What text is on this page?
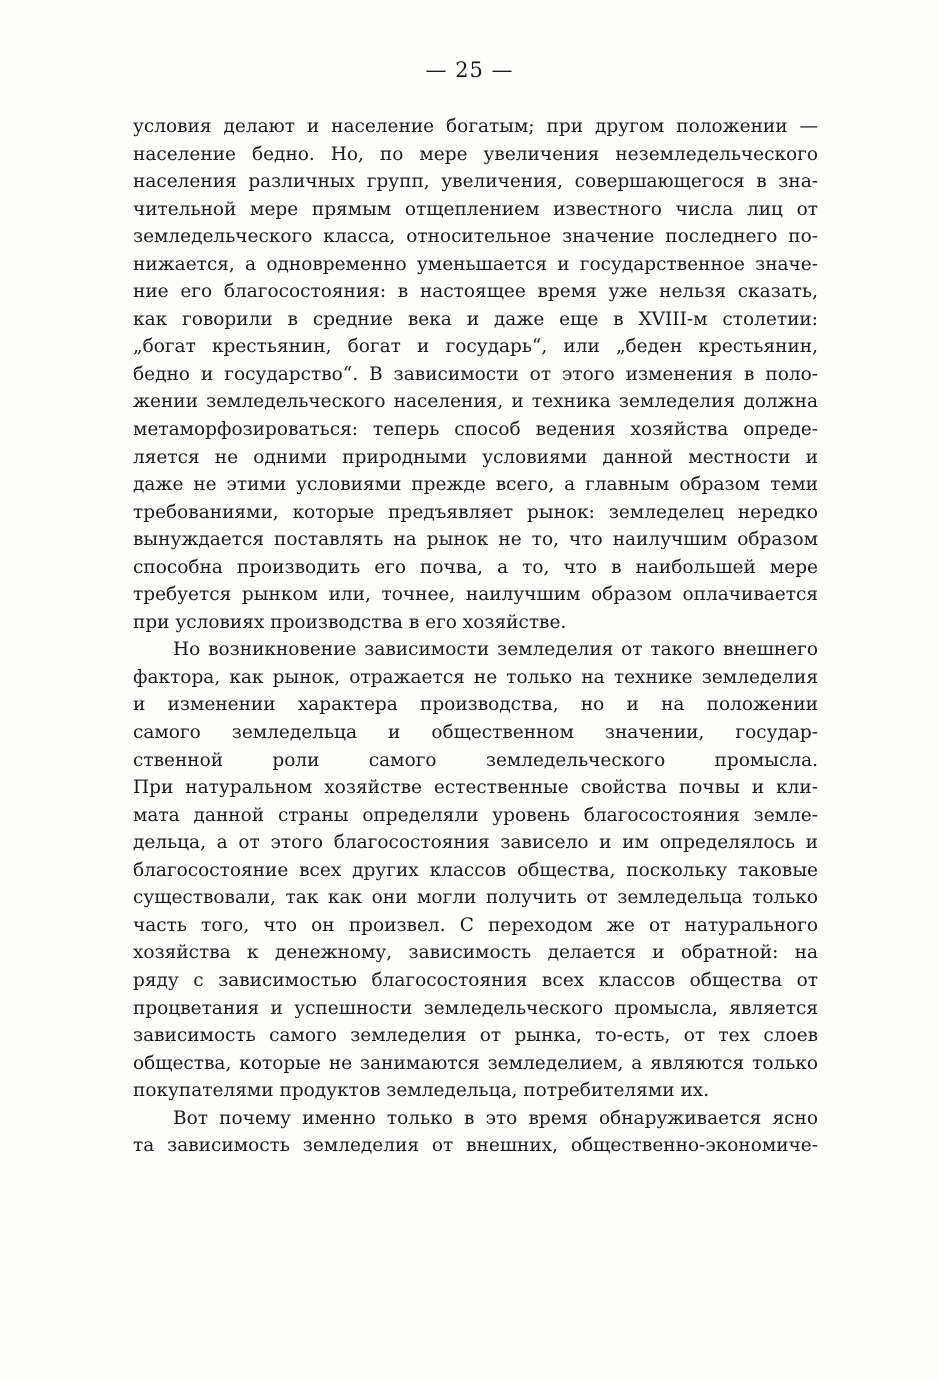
— 25 —
условия делают и население богатым; при другом положении —
население бедно. Но, по мере увеличения неземледельческого
населения различных групп, увеличения, совершающегося в зна-
чительной мере прямым отщеплением известного числа лиц от
земледельческого класса, относительное значение последнего по-
нижается, а одновременно уменьшается и государственное значе-
ние его благосостояния: в настоящее время уже нельзя сказать,
как говорили в средние века и даже еще в XVIII-м столетии:
„богат крестьянин, богат и государь“, или „беден крестьянин,
бедно и государство“. В зависимости от этого изменения в поло-
жении земледельческого населения, и техника земледелия должна
метаморфозироваться: теперь способ ведения хозяйства опреде-
ляется не одними природными условиями данной местности и
даже не этими условиями прежде всего, а главным образом теми
требованиями, которые предъявляет рынок: земледелец нередко
вынуждается поставлять на рынок не то, что наилучшим образом
способна производить его почва, а то, что в наибольшей мере
требуется рынком или, точнее, наилучшим образом оплачивается
при условиях производства в его хозяйстве.
Но возникновение зависимости земледелия от такого внешнего
фактора, как рынок, отражается не только на технике земледелия
и изменении характера производства, но и на положении
самого земледельца и общественном значении, государ-
ственной роли самого земледельческого промысла.
При натуральном хозяйстве естественные свойства почвы и кли-
мата данной страны определяли уровень благосостояния земле-
дельца, а от этого благосостояния зависело и им определялось и
благосостояние всех других классов общества, поскольку таковые
существовали, так как они могли получить от земледельца только
часть того, что он произвел. С переходом же от натурального
хозяйства к денежному, зависимость делается и обратной: на
ряду с зависимостью благосостояния всех классов общества от
процветания и успешности земледельческого промысла, является
зависимость самого земледелия от рынка, то-есть, от тех слоев
общества, которые не занимаются земледелием, а являются только
покупателями продуктов земледельца, потребителями их.
Вот почему именно только в это время обнаруживается ясно
та зависимость земледелия от внешних, общественно-экономиче-
